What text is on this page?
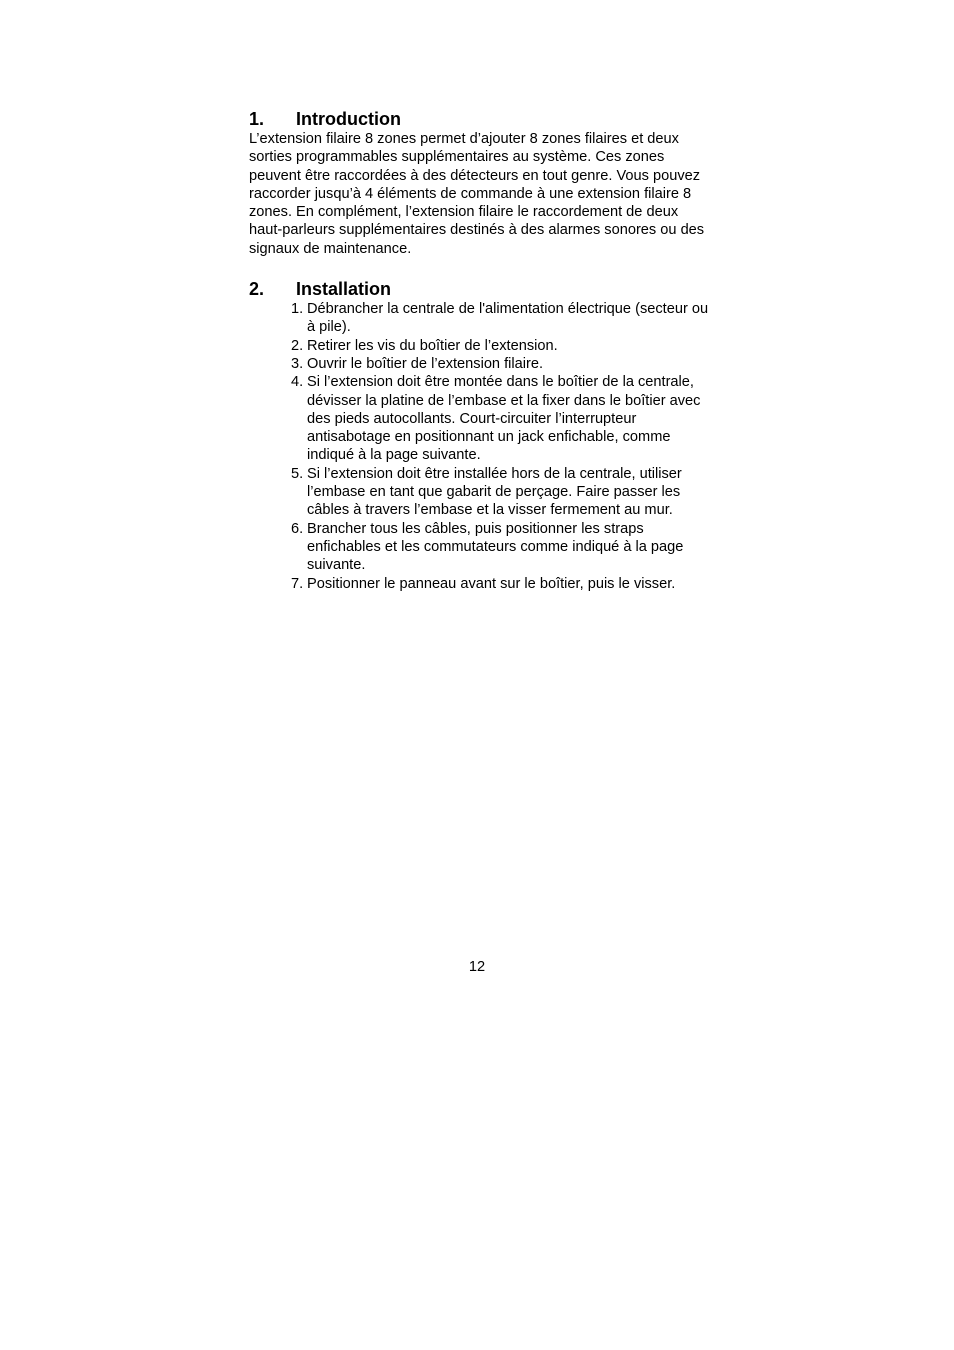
1.	Introduction

L’extension filaire 8 zones permet d’ajouter 8 zones filaires et deux sorties programmables supplémentaires au système. Ces zones peuvent être raccordées à des détecteurs en tout genre. Vous pouvez raccorder jusqu’à 4 éléments de commande à une extension filaire 8 zones. En complément, l’extension filaire le raccordement de deux haut-parleurs supplémentaires destinés à des alarmes sonores ou des signaux de maintenance.

2.	Installation
1. Débrancher la centrale de l'alimentation électrique (secteur ou à pile).
2. Retirer les vis du boîtier de l’extension.
3. Ouvrir le boîtier de l’extension filaire.
4. Si l’extension doit être montée dans le boîtier de la centrale, dévisser la platine de l’embase et la fixer dans le boîtier avec des pieds autocollants. Court-circuiter l’interrupteur antisabotage en positionnant un jack enfichable, comme indiqué à la page suivante.
5. Si l’extension doit être installée hors de la centrale, utiliser l’embase en tant que gabarit de perçage. Faire passer les câbles à travers l’embase et la visser fermement au mur.
6. Brancher tous les câbles, puis positionner les straps enfichables et les commutateurs comme indiqué à la page suivante.
7. Positionner le panneau avant sur le boîtier, puis le visser.
12
